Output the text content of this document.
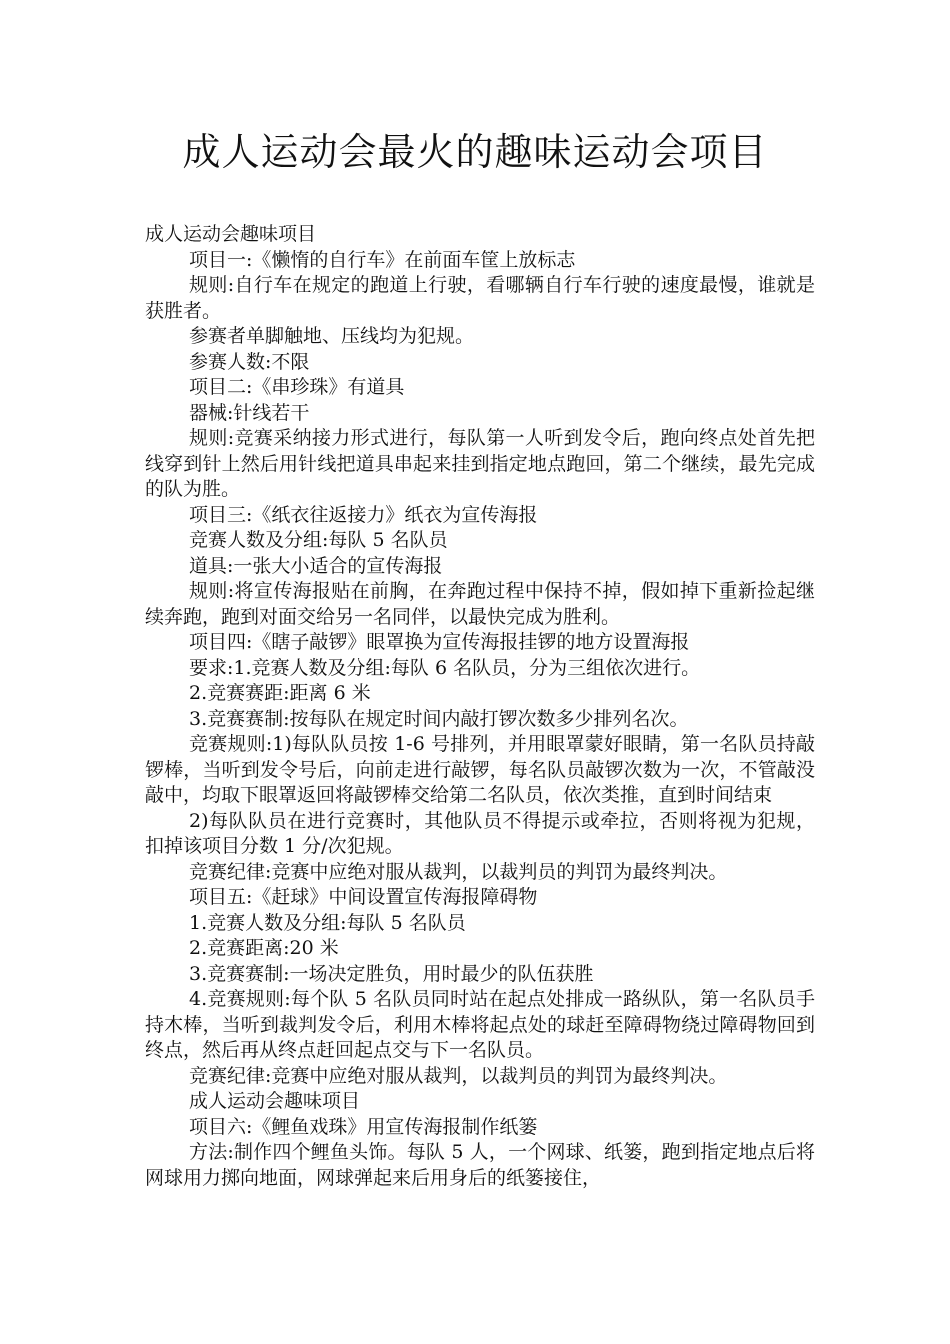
成人运动会最火的趣味运动会项目

成人运动会趣味项目

项目一:《懒惰的自行车》在前面车筐上放标志

规则:自行车在规定的跑道上行驶，看哪辆自行车行驶的速度最慢，谁就是获胜者。

参赛者单脚触地、压线均为犯规。

参赛人数:不限

项目二:《串珍珠》有道具

器械:针线若干

规则:竞赛采纳接力形式进行，每队第一人听到发令后，跑向终点处首先把线穿到针上然后用针线把道具串起来挂到指定地点跑回，第二个继续，最先完成的队为胜。

项目三:《纸衣往返接力》纸衣为宣传海报

竞赛人数及分组:每队 5 名队员

道具:一张大小适合的宣传海报

规则:将宣传海报贴在前胸，在奔跑过程中保持不掉，假如掉下重新捡起继续奔跑，跑到对面交给另一名同伴，以最快完成为胜利。

项目四:《瞎子敲锣》眼罩换为宣传海报挂锣的地方设置海报

要求:1.竞赛人数及分组:每队 6 名队员，分为三组依次进行。

2.竞赛赛距:距离 6 米

3.竞赛赛制:按每队在规定时间内敲打锣次数多少排列名次。

竞赛规则:1)每队队员按 1-6 号排列，并用眼罩蒙好眼睛，第一名队员持敲锣棒，当听到发令号后，向前走进行敲锣，每名队员敲锣次数为一次，不管敲没敲中，均取下眼罩返回将敲锣棒交给第二名队员，依次类推，直到时间结束

2)每队队员在进行竞赛时，其他队员不得提示或牵拉，否则将视为犯规，扣掉该项目分数 1 分/次犯规。

竞赛纪律:竞赛中应绝对服从裁判，以裁判员的判罚为最终判决。

项目五:《赶球》中间设置宣传海报障碍物

1.竞赛人数及分组:每队 5 名队员

2.竞赛距离:20 米

3.竞赛赛制:一场决定胜负，用时最少的队伍获胜

4.竞赛规则:每个队 5 名队员同时站在起点处排成一路纵队，第一名队员手持木棒，当听到裁判发令后，利用木棒将起点处的球赶至障碍物绕过障碍物回到终点，然后再从终点赶回起点交与下一名队员。

竞赛纪律:竞赛中应绝对服从裁判，以裁判员的判罚为最终判决。

成人运动会趣味项目

项目六:《鲤鱼戏珠》用宣传海报制作纸篓

方法:制作四个鲤鱼头饰。每队 5 人，一个网球、纸篓，跑到指定地点后将网球用力掷向地面，网球弹起来后用身后的纸篓接住，
